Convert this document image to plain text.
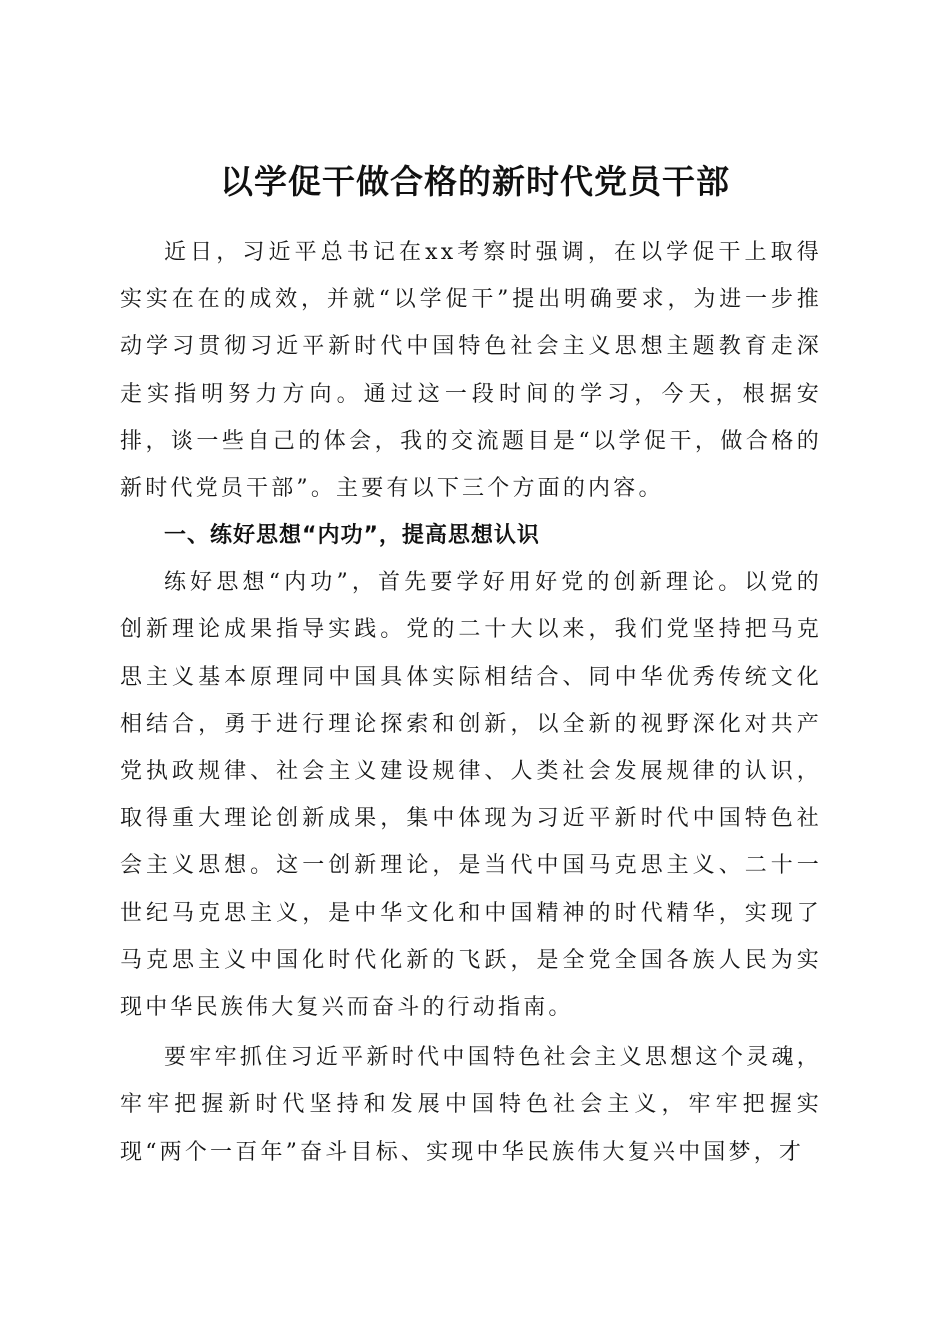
以学促干做合格的新时代党员干部

近日，习近平总书记在xx考察时强调，在以学促干上取得实实在在的成效，并就“以学促干”提出明确要求，为进一步推动学习贯彻习近平新时代中国特色社会主义思想主题教育走深走实指明努力方向。通过这一段时间的学习，今天，根据安排，谈一些自己的体会，我的交流题目是“以学促干，做合格的新时代党员干部”。主要有以下三个方面的内容。

一、练好思想“内功”，提高思想认识

练好思想“内功”，首先要学好用好党的创新理论。以党的创新理论成果指导实践。党的二十大以来，我们党坚持把马克思主义基本原理同中国具体实际相结合、同中华优秀传统文化相结合，勇于进行理论探索和创新，以全新的视野深化对共产党执政规律、社会主义建设规律、人类社会发展规律的认识，取得重大理论创新成果，集中体现为习近平新时代中国特色社会主义思想。这一创新理论，是当代中国马克思主义、二十一世纪马克思主义，是中华文化和中国精神的时代精华，实现了马克思主义中国化时代化新的飞跃，是全党全国各族人民为实现中华民族伟大复兴而奋斗的行动指南。

要牢牢抓住习近平新时代中国特色社会主义思想这个灵魂，牢牢把握新时代坚持和发展中国特色社会主义，牢牢把握实现“两个一百年”奋斗目标、实现中华民族伟大复兴中国梦，才
